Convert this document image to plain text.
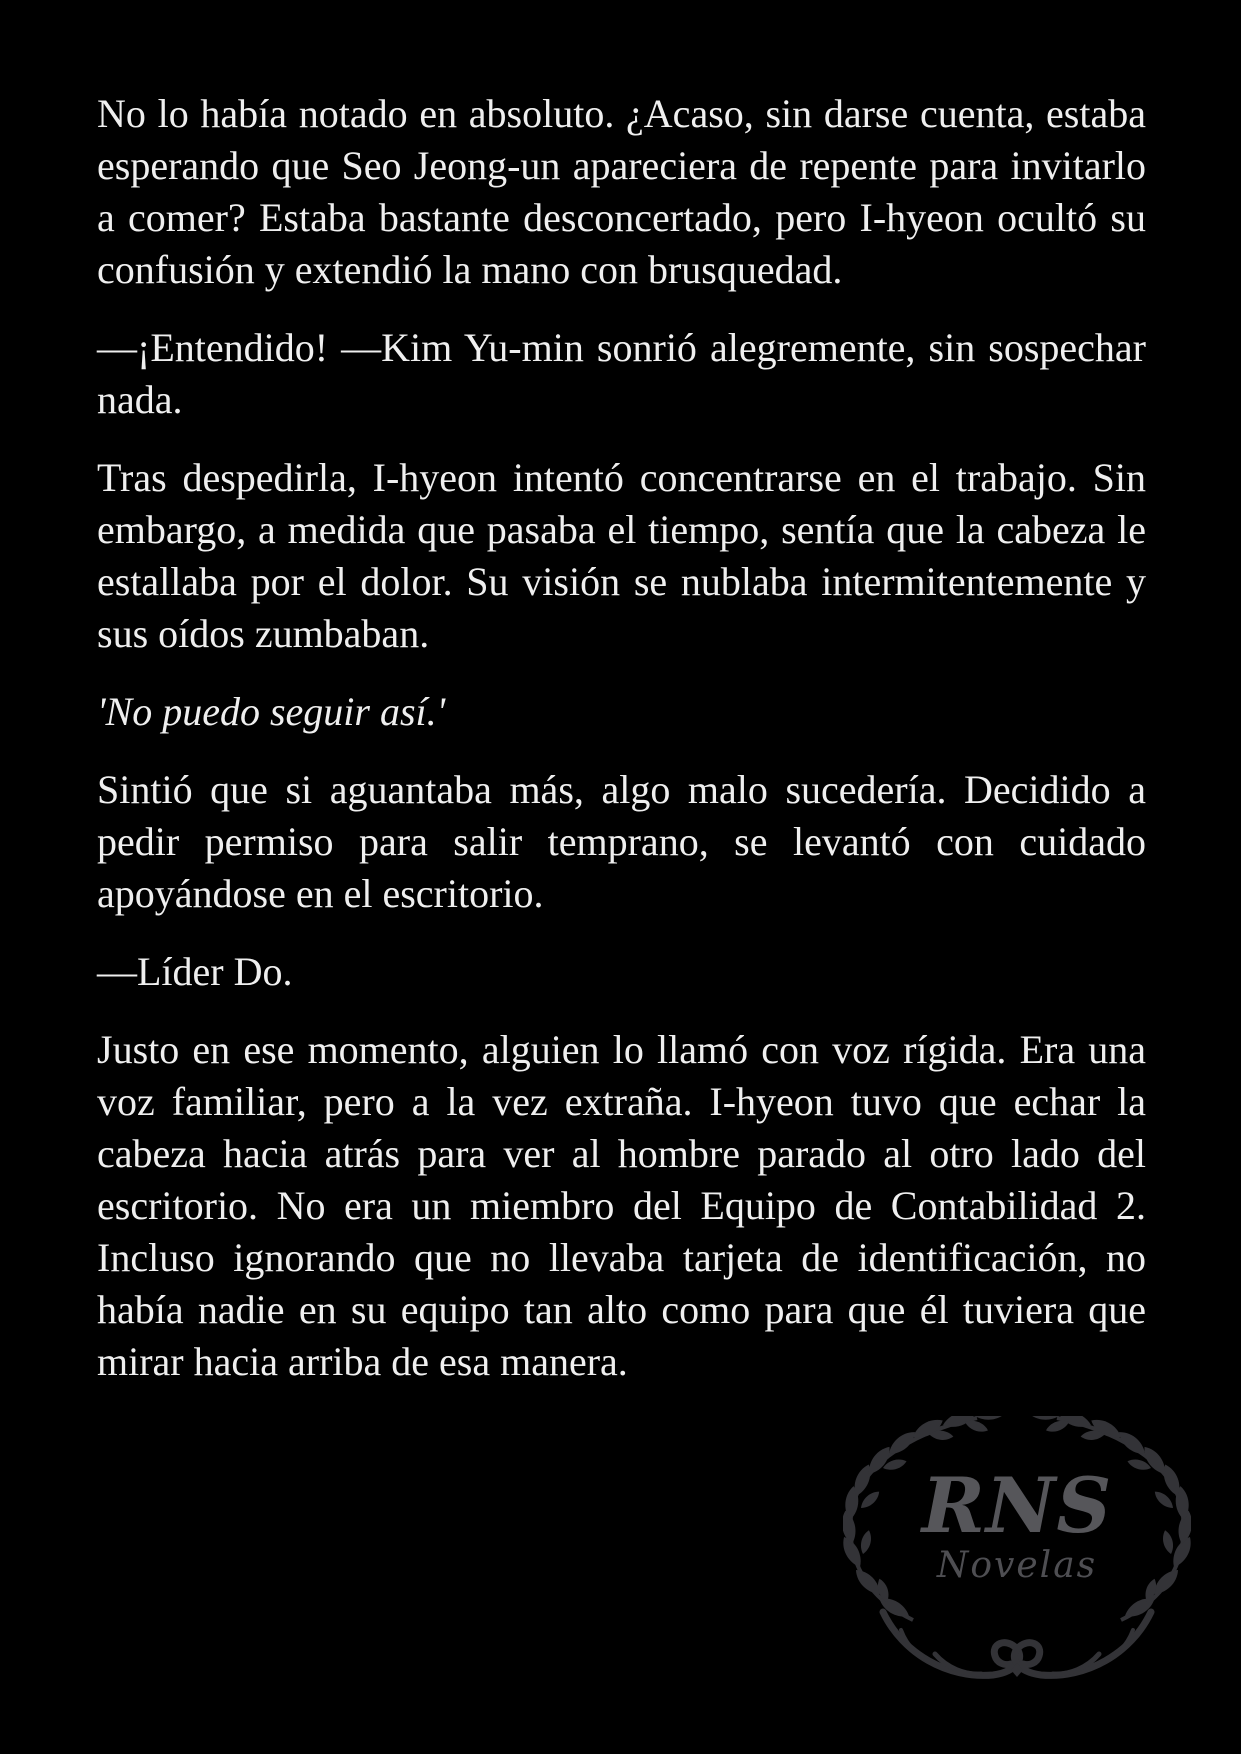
No lo había notado en absoluto. ¿Acaso, sin darse cuenta, estaba esperando que Seo Jeong-un apareciera de repente para invitarlo a comer? Estaba bastante desconcertado, pero I-hyeon ocultó su confusión y extendió la mano con brusquedad.

—¡Entendido! —Kim Yu-min sonrió alegremente, sin sospechar nada.

Tras despedirla, I-hyeon intentó concentrarse en el trabajo. Sin embargo, a medida que pasaba el tiempo, sentía que la cabeza le estallaba por el dolor. Su visión se nublaba intermitentemente y sus oídos zumbaban.

'No puedo seguir así.'

Sintió que si aguantaba más, algo malo sucedería. Decidido a pedir permiso para salir temprano, se levantó con cuidado apoyándose en el escritorio.

—Líder Do.

Justo en ese momento, alguien lo llamó con voz rígida. Era una voz familiar, pero a la vez extraña. I-hyeon tuvo que echar la cabeza hacia atrás para ver al hombre parado al otro lado del escritorio. No era un miembro del Equipo de Contabilidad 2. Incluso ignorando que no llevaba tarjeta de identificación, no había nadie en su equipo tan alto como para que él tuviera que mirar hacia arriba de esa manera.

RNS
Novelas
